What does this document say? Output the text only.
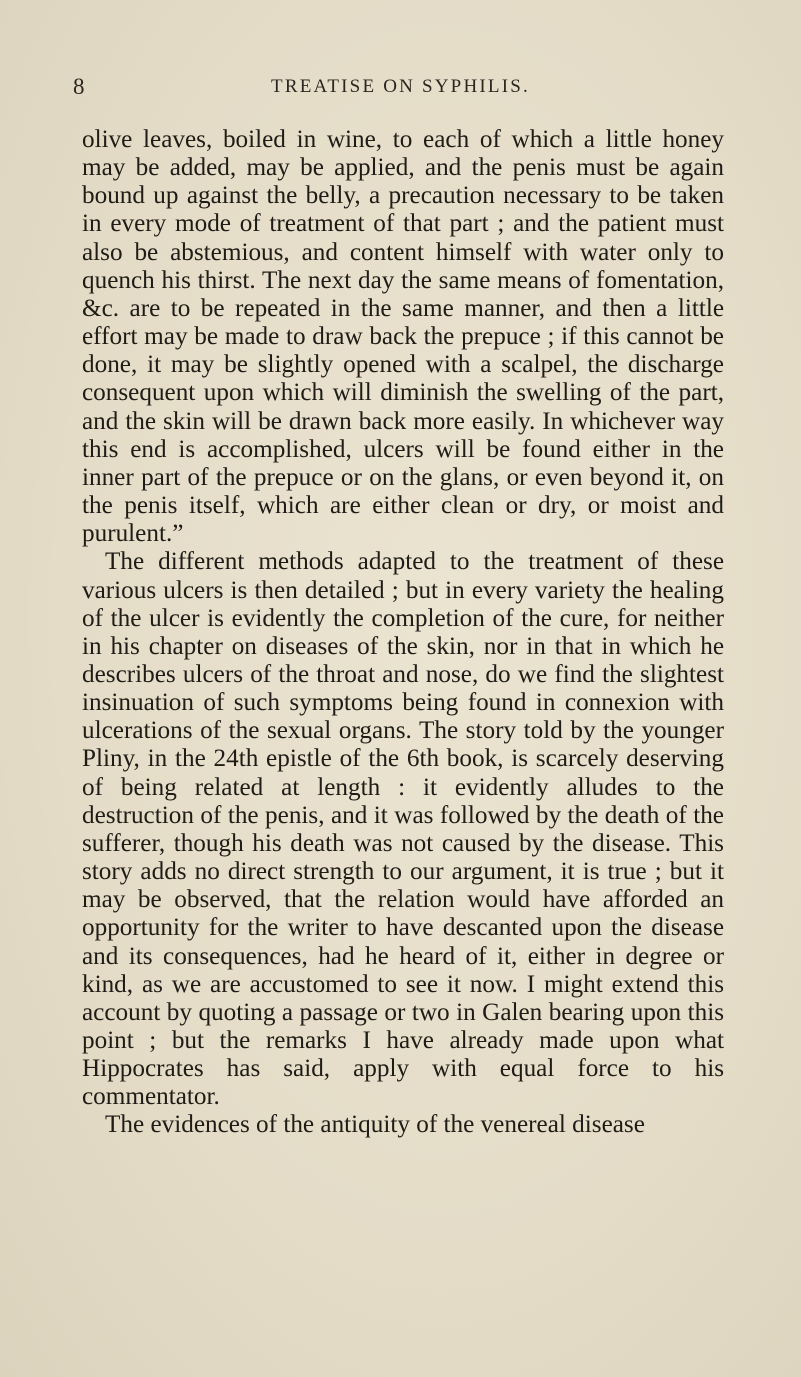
8	TREATISE ON SYPHILIS.

olive leaves, boiled in wine, to each of which a little honey may be added, may be applied, and the penis must be again bound up against the belly, a precaution necessary to be taken in every mode of treatment of that part ; and the patient must also be abstemious, and content himself with water only to quench his thirst. The next day the same means of fomentation, &c. are to be repeated in the same manner, and then a little effort may be made to draw back the prepuce ; if this cannot be done, it may be slightly opened with a scalpel, the discharge consequent upon which will diminish the swelling of the part, and the skin will be drawn back more easily. In whichever way this end is accomplished, ulcers will be found either in the inner part of the prepuce or on the glans, or even beyond it, on the penis itself, which are either clean or dry, or moist and purulent.”

The different methods adapted to the treatment of these various ulcers is then detailed ; but in every variety the healing of the ulcer is evidently the completion of the cure, for neither in his chapter on diseases of the skin, nor in that in which he describes ulcers of the throat and nose, do we find the slightest insinuation of such symptoms being found in connexion with ulcerations of the sexual organs. The story told by the younger Pliny, in the 24th epistle of the 6th book, is scarcely deserving of being related at length : it evidently alludes to the destruction of the penis, and it was followed by the death of the sufferer, though his death was not caused by the disease. This story adds no direct strength to our argument, it is true ; but it may be observed, that the relation would have afforded an opportunity for the writer to have descanted upon the disease and its consequences, had he heard of it, either in degree or kind, as we are accustomed to see it now. I might extend this account by quoting a passage or two in Galen bearing upon this point ; but the remarks I have already made upon what Hippocrates has said, apply with equal force to his commentator.

The evidences of the antiquity of the venereal disease
